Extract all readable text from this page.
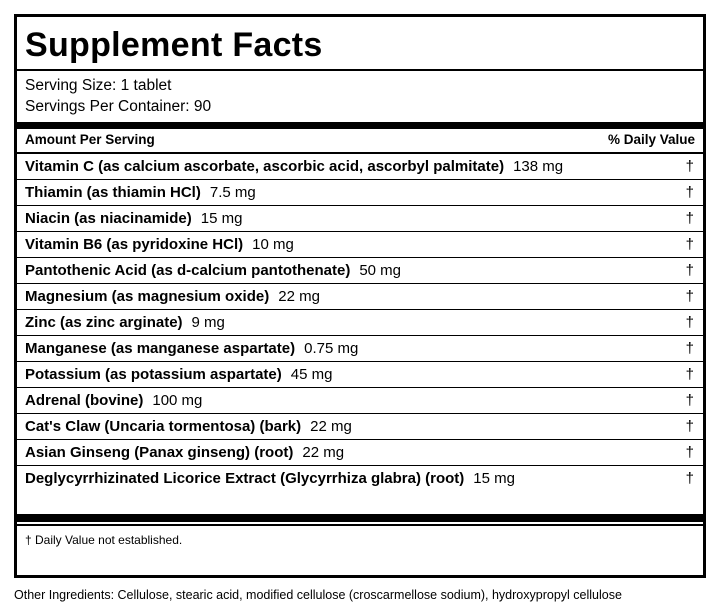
Supplement Facts
Serving Size: 1 tablet
Servings Per Container: 90
Amount Per Serving	% Daily Value
Vitamin C (as calcium ascorbate, ascorbic acid, ascorbyl palmitate) 138 mg	†
Thiamin (as thiamin HCl) 7.5 mg	†
Niacin (as niacinamide) 15 mg	†
Vitamin B6 (as pyridoxine HCl) 10 mg	†
Pantothenic Acid (as d-calcium pantothenate) 50 mg	†
Magnesium (as magnesium oxide) 22 mg	†
Zinc (as zinc arginate) 9 mg	†
Manganese (as manganese aspartate) 0.75 mg	†
Potassium (as potassium aspartate) 45 mg	†
Adrenal (bovine) 100 mg	†
Cat's Claw (Uncaria tormentosa) (bark) 22 mg	†
Asian Ginseng (Panax ginseng) (root) 22 mg	†
Deglycyrrhizinated Licorice Extract (Glycyrrhiza glabra) (root) 15 mg	†
† Daily Value not established.
Other Ingredients: Cellulose, stearic acid, modified cellulose (croscarmellose sodium), hydroxypropyl cellulose
